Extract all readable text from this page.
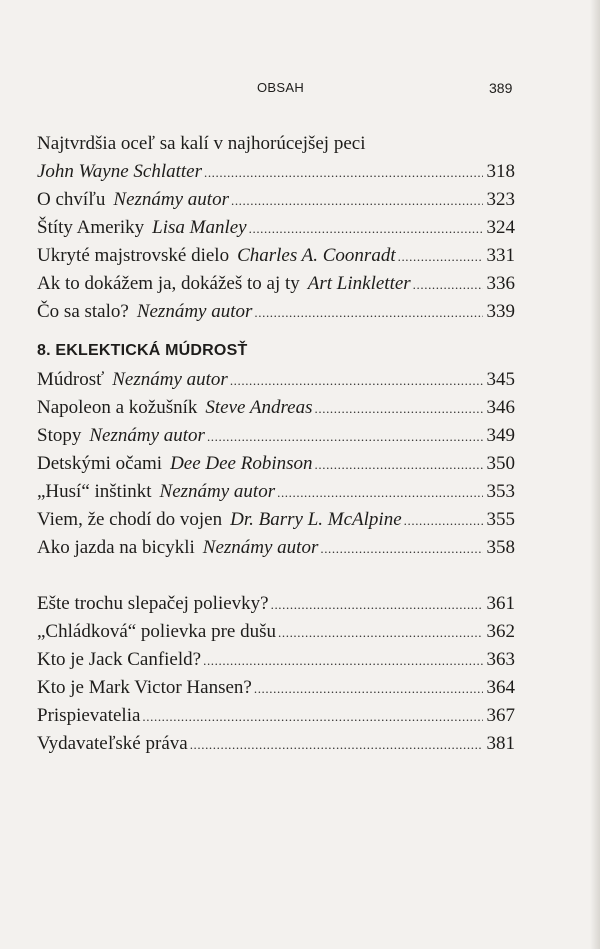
OBSAH	389
Najtvrdšia oceľ sa kalí v najhorúcejšej peci
John Wayne Schlatter .....	318
O chvíľu Neznámy autor .....	323
Štíty Ameriky Lisa Manley .....	324
Ukryté majstrovské dielo Charles A. Coonradt .....	331
Ak to dokážem ja, dokážeš to aj ty Art Linkletter .....	336
Čo sa stalo? Neznámy autor .....	339
8. EKLEKTICKÁ MÚDROSŤ
Múdrosť Neznámy autor .....	345
Napoleon a kožušník Steve Andreas .....	346
Stopy Neznámy autor .....	349
Detskými očami Dee Dee Robinson .....	350
„Husí“ inštinkt Neznámy autor .....	353
Viem, že chodí do vojen Dr. Barry L. McAlpine .....	355
Ako jazda na bicykli Neznámy autor .....	358
Ešte trochu slepačej polievky? .....	361
„Chládková“ polievka pre dušu .....	362
Kto je Jack Canfield? .....	363
Kto je Mark Victor Hansen? .....	364
Prispievatelia .....	367
Vydavateľské práva .....	381
